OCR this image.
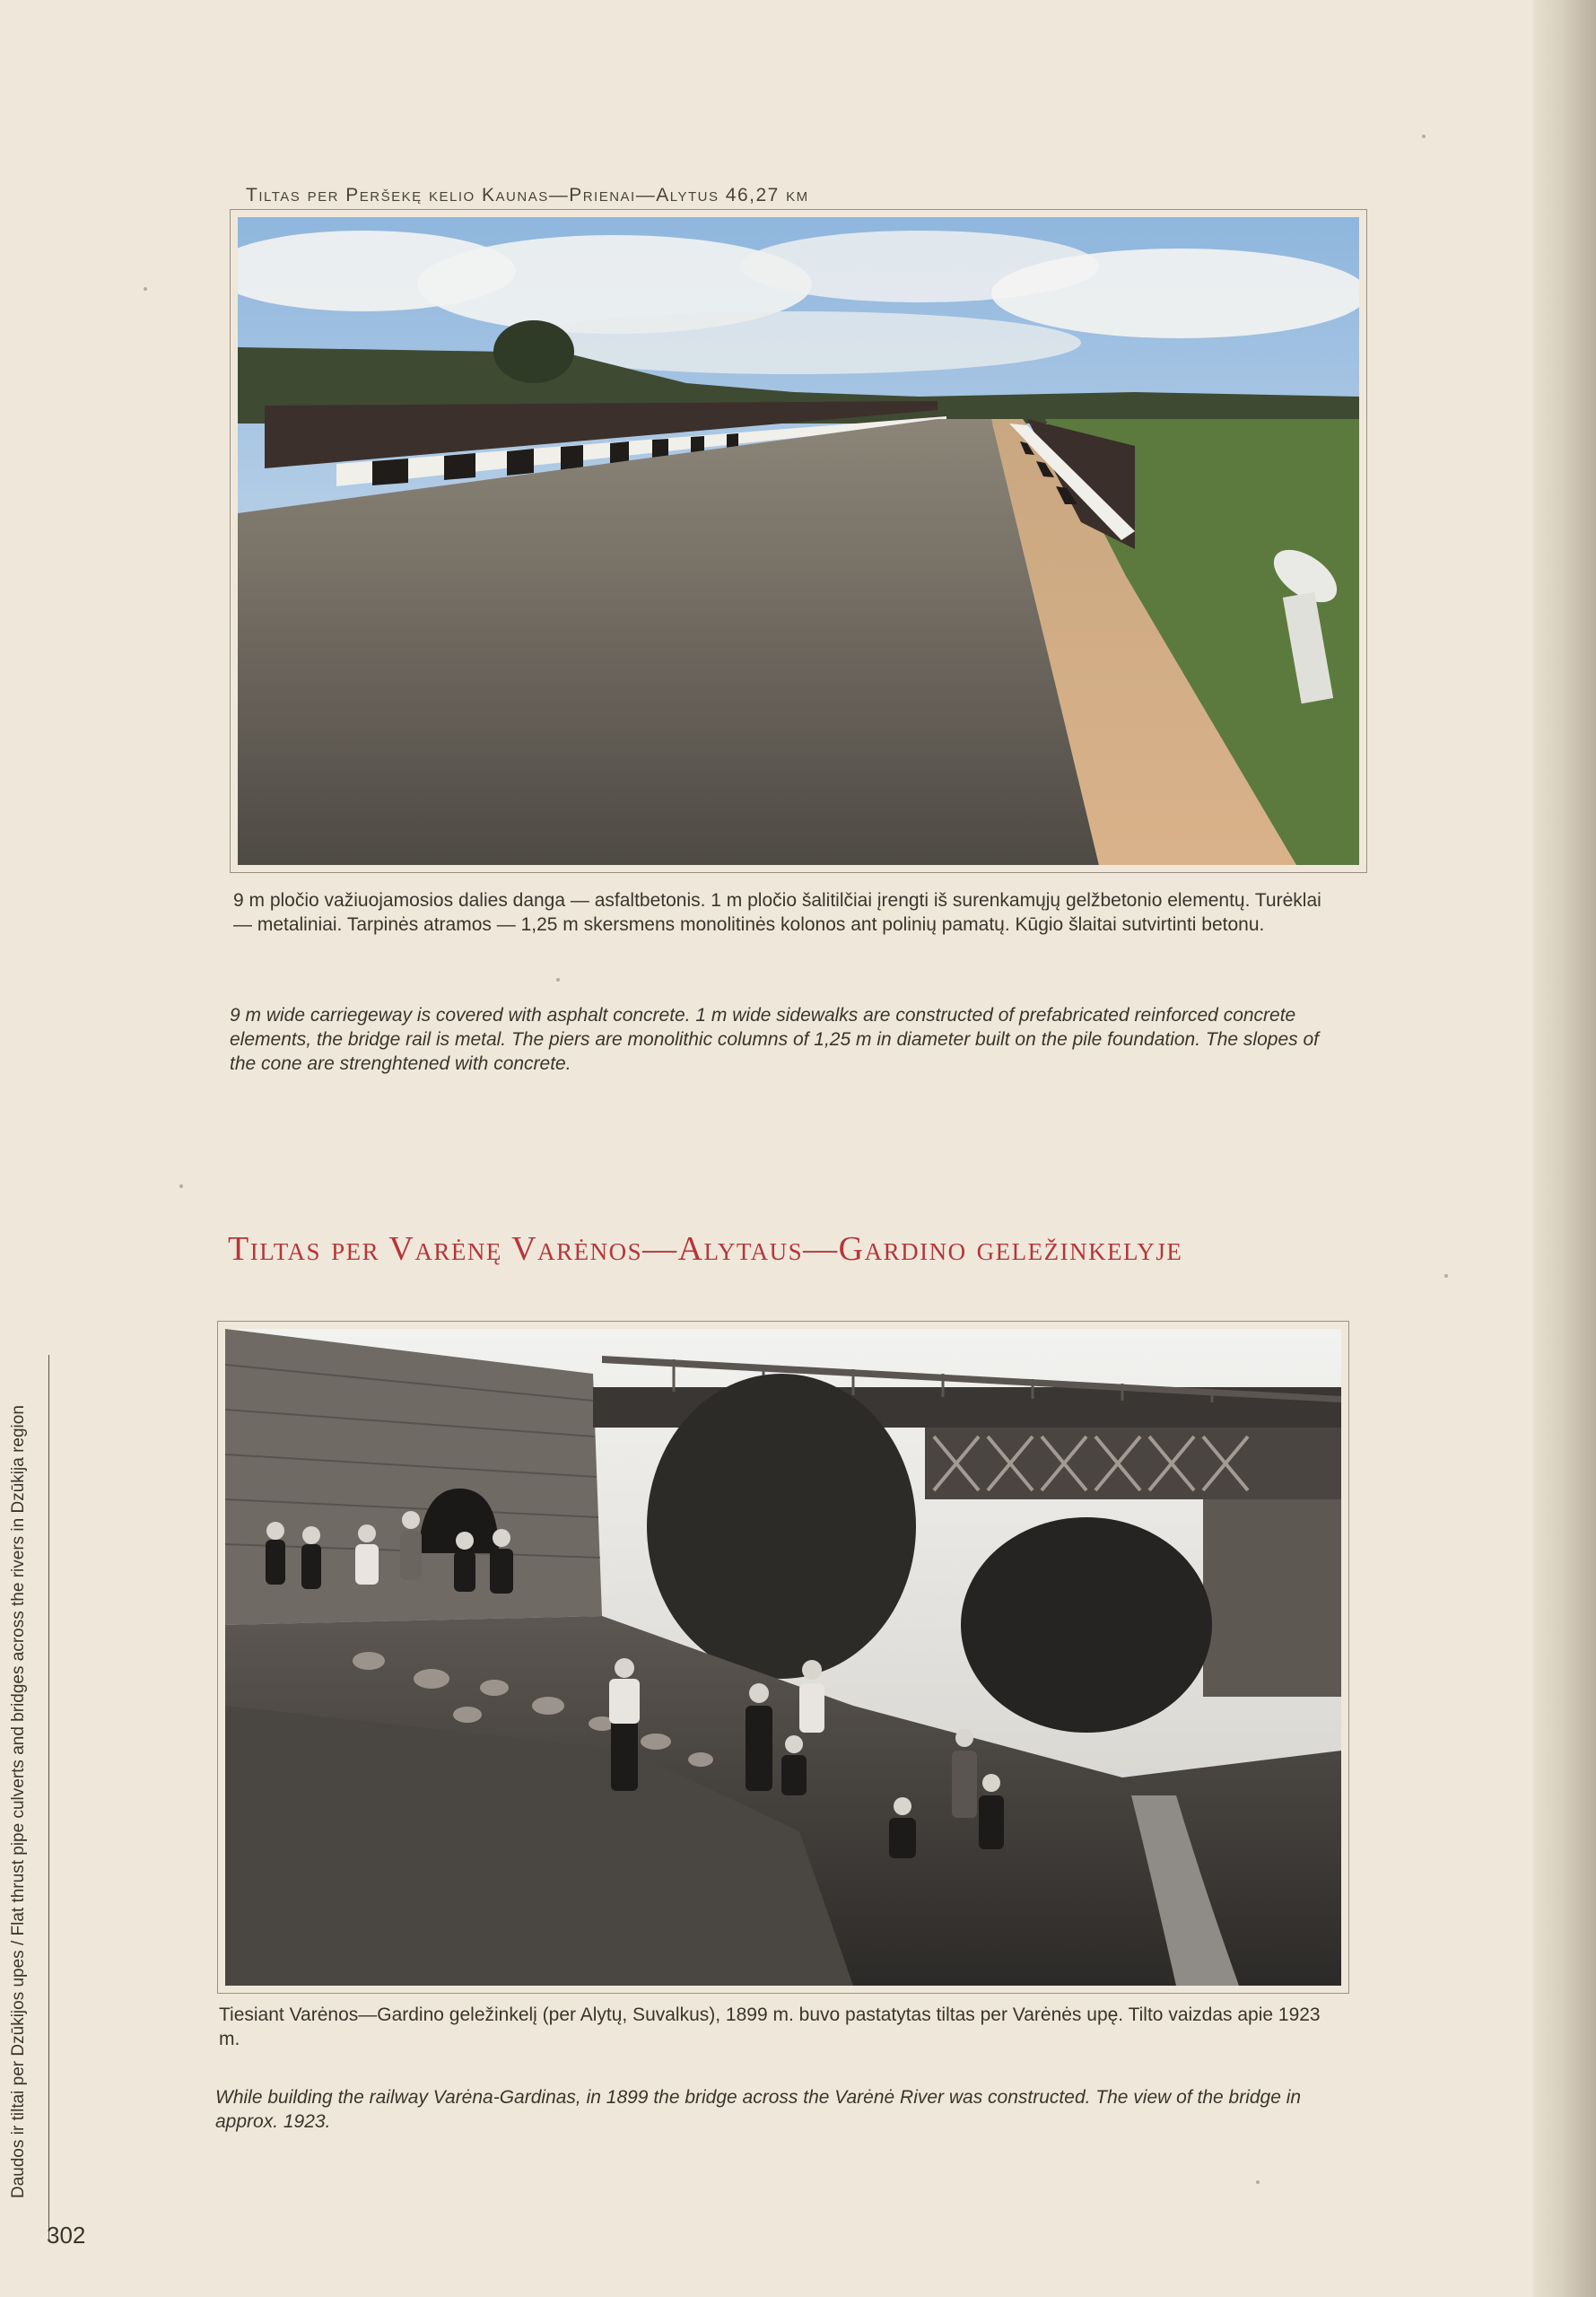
Tiltas per Peršekę kelio Kaunas—Prienai—Alytus 46,27 km
9 m pločio važiuojamosios dalies danga — asfaltbetonis. 1 m pločio šalitilčiai įrengti iš surenkamųjų gelžbetonio elementų. Turėklai — metaliniai. Tarpinės atramos — 1,25 m skersmens monolitinės kolonos ant polinių pamatų. Kūgio šlaitai sutvirtinti betonu.
9 m wide carriegeway is covered with asphalt concrete. 1 m wide sidewalks are constructed of prefabricated reinforced concrete elements, the bridge rail is metal. The piers are monolithic columns of 1,25 m in diameter built on the pile foundation. The slopes of the cone are strenghtened with concrete.
Tiltas per Varėnę Varėnos—Alytaus—Gardino geležinkelyje
Tiesiant Varėnos—Gardino geležinkelį (per Alytų, Suvalkus), 1899 m. buvo pastatytas tiltas per Varėnės upę. Tilto vaizdas apie 1923 m.
While building the railway Varėna-Gardinas, in 1899 the bridge across the Varėnė River was constructed. The view of the bridge in approx. 1923.
Daudos ir tiltai per Dzūkijos upes / Flat thrust pipe culverts and bridges across the rivers in Dzūkija region
302
